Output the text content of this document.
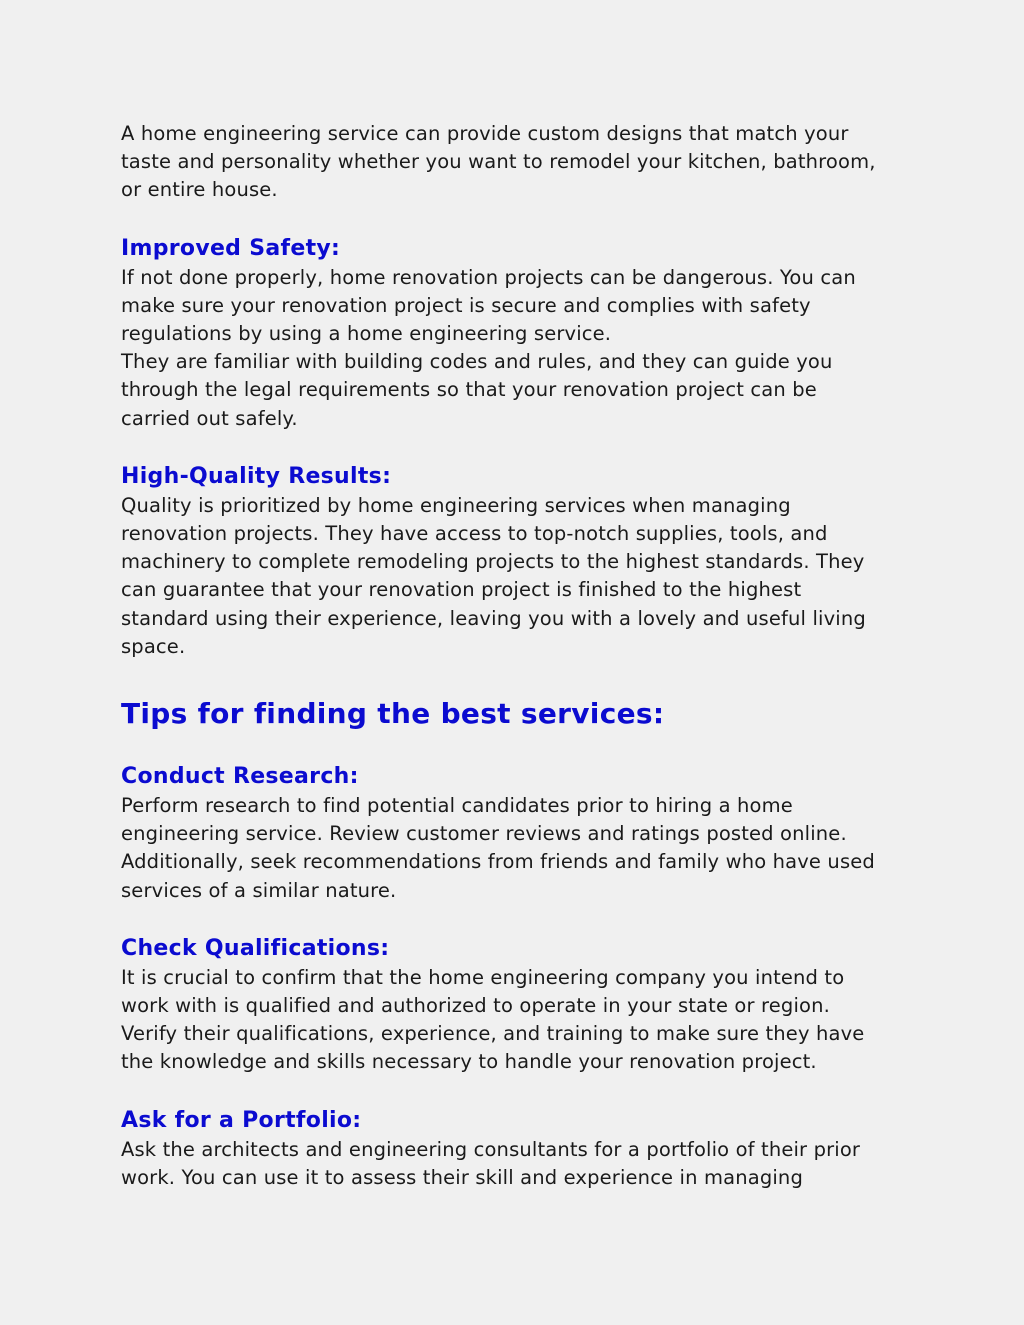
A home engineering service can provide custom designs that match your
taste and personality whether you want to remodel your kitchen, bathroom,
or entire house.

Improved Safety:

If not done properly, home renovation projects can be dangerous. You can
make sure your renovation project is secure and complies with safety
regulations by using a home engineering service.
They are familiar with building codes and rules, and they can guide you
through the legal requirements so that your renovation project can be
carried out safely.

High-Quality Results:

Quality is prioritized by home engineering services when managing
renovation projects. They have access to top-notch supplies, tools, and
machinery to complete remodeling projects to the highest standards. They
can guarantee that your renovation project is finished to the highest
standard using their experience, leaving you with a lovely and useful living
space.

Tips for finding the best services:
Conduct Research:

Perform research to find potential candidates prior to hiring a home
engineering service. Review customer reviews and ratings posted online.
Additionally, seek recommendations from friends and family who have used
services of a similar nature.

Check Qualifications:

It is crucial to confirm that the home engineering company you intend to
work with is qualified and authorized to operate in your state or region.
Verify their qualifications, experience, and training to make sure they have
the knowledge and skills necessary to handle your renovation project.

Ask for a Portfolio:

Ask the architects and engineering consultants for a portfolio of their prior
work. You can use it to assess their skill and experience in managing
